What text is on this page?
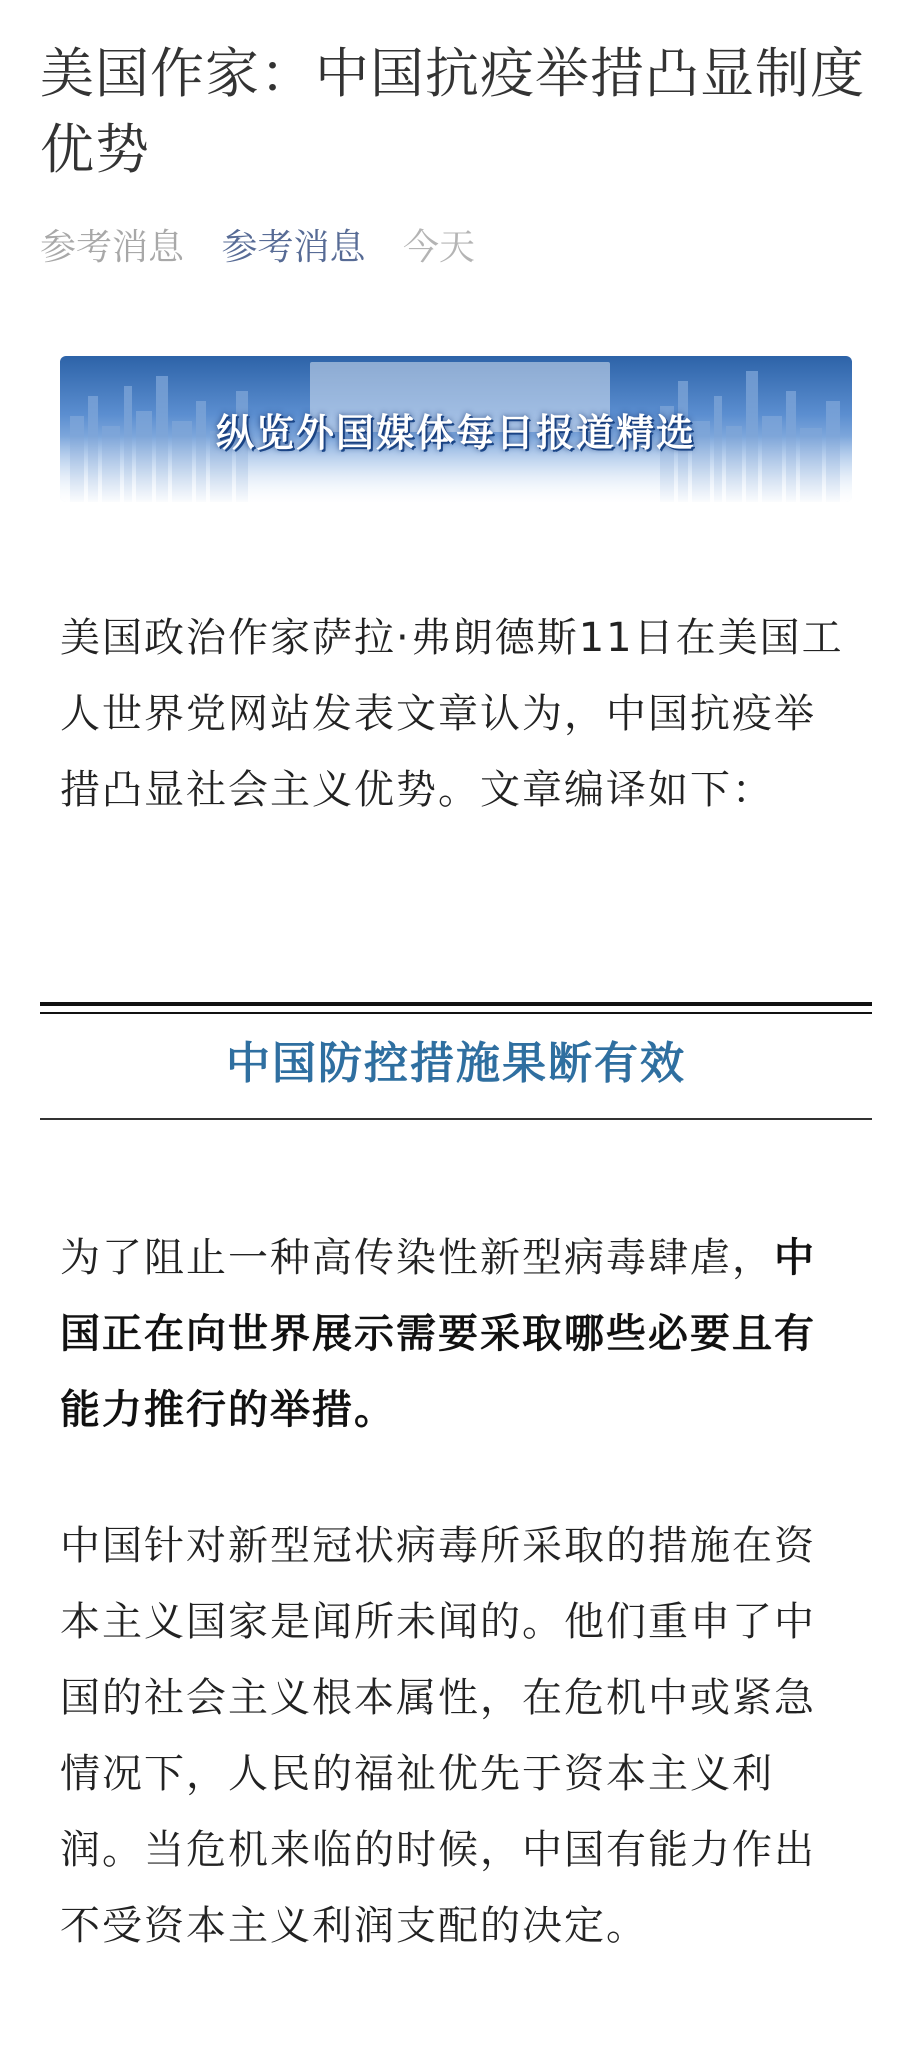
美国作家：中国抗疫举措凸显制度优势
参考消息 参考消息 今天
纵览外国媒体每日报道精选
美国政治作家萨拉·弗朗德斯11日在美国工人世界党网站发表文章认为，中国抗疫举措凸显社会主义优势。文章编译如下：
中国防控措施果断有效
为了阻止一种高传染性新型病毒肆虐，中国正在向世界展示需要采取哪些必要且有能力推行的举措。
中国针对新型冠状病毒所采取的措施在资本主义国家是闻所未闻的。他们重申了中国的社会主义根本属性，在危机中或紧急情况下，人民的福祉优先于资本主义利润。当危机来临的时候，中国有能力作出不受资本主义利润支配的决定。
